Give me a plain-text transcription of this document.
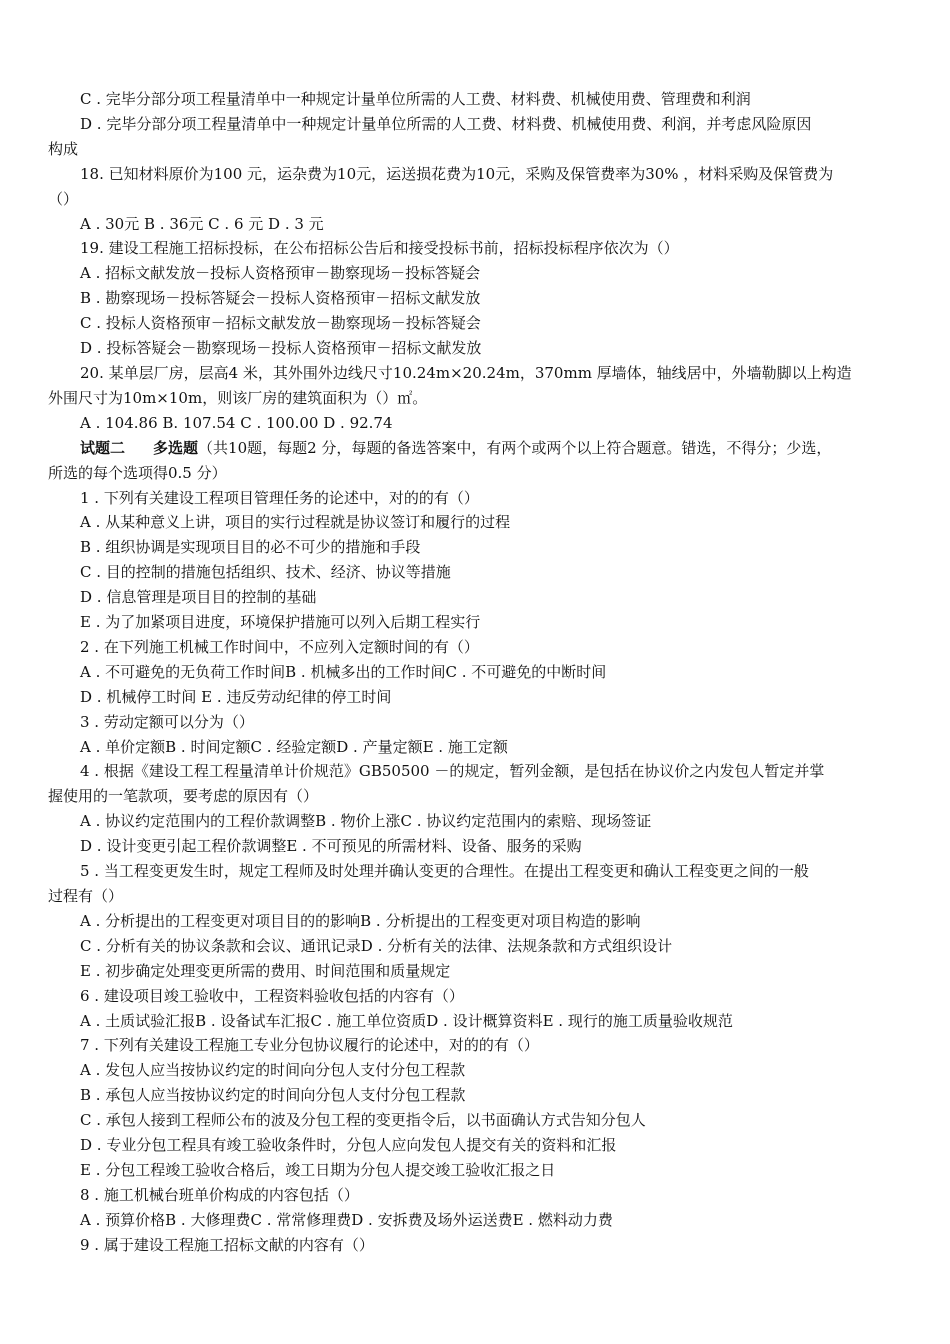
C . 完毕分部分项工程量清单中一种规定计量单位所需的人工费、材料费、机械使用费、管理费和利润
D . 完毕分部分项工程量清单中一种规定计量单位所需的人工费、材料费、机械使用费、利润，并考虑风险原因
构成
18. 已知材料原价为100 元，运杂费为10元，运送损花费为10元，采购及保管费率为30% ，材料采购及保管费为
（）
A . 30元 B . 36元 C . 6 元 D . 3 元
19. 建设工程施工招标投标，在公布招标公告后和接受投标书前，招标投标程序依次为（）
A . 招标文献发放－投标人资格预审－勘察现场－投标答疑会
B . 勘察现场－投标答疑会－投标人资格预审－招标文献发放
C . 投标人资格预审－招标文献发放－勘察现场－投标答疑会
D . 投标答疑会－勘察现场－投标人资格预审－招标文献发放
20. 某单层厂房，层高4 米，其外围外边线尺寸10.24m×20.24m，370mm 厚墙体，轴线居中，外墙勒脚以上构造
外围尺寸为10m×10m，则该厂房的建筑面积为（）㎡。
A . 104.86 B. 107.54 C . 100.00 D . 92.74
试题二 多选题（共10题，每题2 分，每题的备选答案中，有两个或两个以上符合题意。错选，不得分；少选，
所选的每个选项得0.5 分）
1 . 下列有关建设工程项目管理任务的论述中，对的的有（）
A . 从某种意义上讲，项目的实行过程就是协议签订和履行的过程
B . 组织协调是实现项目目的必不可少的措施和手段
C . 目的控制的措施包括组织、技术、经济、协议等措施
D . 信息管理是项目目的控制的基础
E . 为了加紧项目进度，环境保护措施可以列入后期工程实行
2 . 在下列施工机械工作时间中，不应列入定额时间的有（）
A . 不可避免的无负荷工作时间B . 机械多出的工作时间C . 不可避免的中断时间
D . 机械停工时间 E . 违反劳动纪律的停工时间
3 . 劳动定额可以分为（）
A . 单价定额B . 时间定额C . 经验定额D . 产量定额E . 施工定额
4 . 根据《建设工程工程量清单计价规范》GB50500 －的规定，暂列金额，是包括在协议价之内发包人暂定并掌
握使用的一笔款项，要考虑的原因有（）
A . 协议约定范围内的工程价款调整B . 物价上涨C . 协议约定范围内的索赔、现场签证
D . 设计变更引起工程价款调整E . 不可预见的所需材料、设备、服务的采购
5 . 当工程变更发生时，规定工程师及时处理并确认变更的合理性。在提出工程变更和确认工程变更之间的一般
过程有（）
A . 分析提出的工程变更对项目目的的影响B . 分析提出的工程变更对项目构造的影响
C . 分析有关的协议条款和会议、通讯记录D . 分析有关的法律、法规条款和方式组织设计
E . 初步确定处理变更所需的费用、时间范围和质量规定
6 . 建设项目竣工验收中，工程资料验收包括的内容有（）
A . 土质试验汇报B . 设备试车汇报C . 施工单位资质D . 设计概算资料E . 现行的施工质量验收规范
7 . 下列有关建设工程施工专业分包协议履行的论述中，对的的有（）
A . 发包人应当按协议约定的时间向分包人支付分包工程款
B . 承包人应当按协议约定的时间向分包人支付分包工程款
C . 承包人接到工程师公布的波及分包工程的变更指令后，以书面确认方式告知分包人
D . 专业分包工程具有竣工验收条件时，分包人应向发包人提交有关的资料和汇报
E . 分包工程竣工验收合格后，竣工日期为分包人提交竣工验收汇报之日
8 . 施工机械台班单价构成的内容包括（）
A . 预算价格B . 大修理费C . 常常修理费D . 安拆费及场外运送费E . 燃料动力费
9 . 属于建设工程施工招标文献的内容有（）
